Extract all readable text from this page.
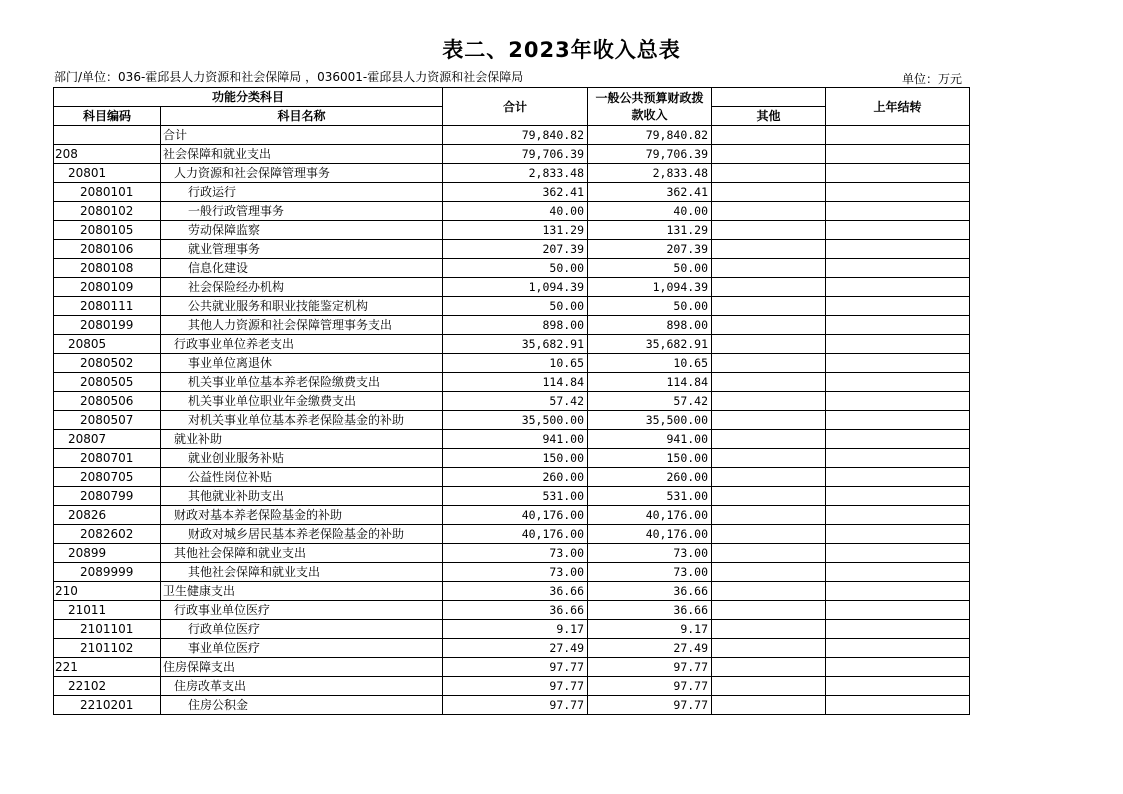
表二、2023年收入总表
部门/单位：036-霍邱县人力资源和社会保障局 ，036001-霍邱县人力资源和社会保障局	单位：万元
功能分类科目		合计	一般公共预算财政拨
款收入		上年结转
科目编码	科目名称			其他	
	合计	79,840.82	79,840.82		
208	社会保障和就业支出	79,706.39	79,706.39		
20801	人力资源和社会保障管理事务	2,833.48	2,833.48		
2080101	行政运行	362.41	362.41		
2080102	一般行政管理事务	40.00	40.00		
2080105	劳动保障监察	131.29	131.29		
2080106	就业管理事务	207.39	207.39		
2080108	信息化建设	50.00	50.00		
2080109	社会保险经办机构	1,094.39	1,094.39		
2080111	公共就业服务和职业技能鉴定机构	50.00	50.00		
2080199	其他人力资源和社会保障管理事务支出	898.00	898.00		
20805	行政事业单位养老支出	35,682.91	35,682.91		
2080502	事业单位离退休	10.65	10.65		
2080505	机关事业单位基本养老保险缴费支出	114.84	114.84		
2080506	机关事业单位职业年金缴费支出	57.42	57.42		
2080507	对机关事业单位基本养老保险基金的补助	35,500.00	35,500.00		
20807	就业补助	941.00	941.00		
2080701	就业创业服务补贴	150.00	150.00		
2080705	公益性岗位补贴	260.00	260.00		
2080799	其他就业补助支出	531.00	531.00		
20826	财政对基本养老保险基金的补助	40,176.00	40,176.00		
2082602	财政对城乡居民基本养老保险基金的补助	40,176.00	40,176.00		
20899	其他社会保障和就业支出	73.00	73.00		
2089999	其他社会保障和就业支出	73.00	73.00		
210	卫生健康支出	36.66	36.66		
21011	行政事业单位医疗	36.66	36.66		
2101101	行政单位医疗	9.17	9.17		
2101102	事业单位医疗	27.49	27.49		
221	住房保障支出	97.77	97.77		
22102	住房改革支出	97.77	97.77		
2210201	住房公积金	97.77	97.77		
